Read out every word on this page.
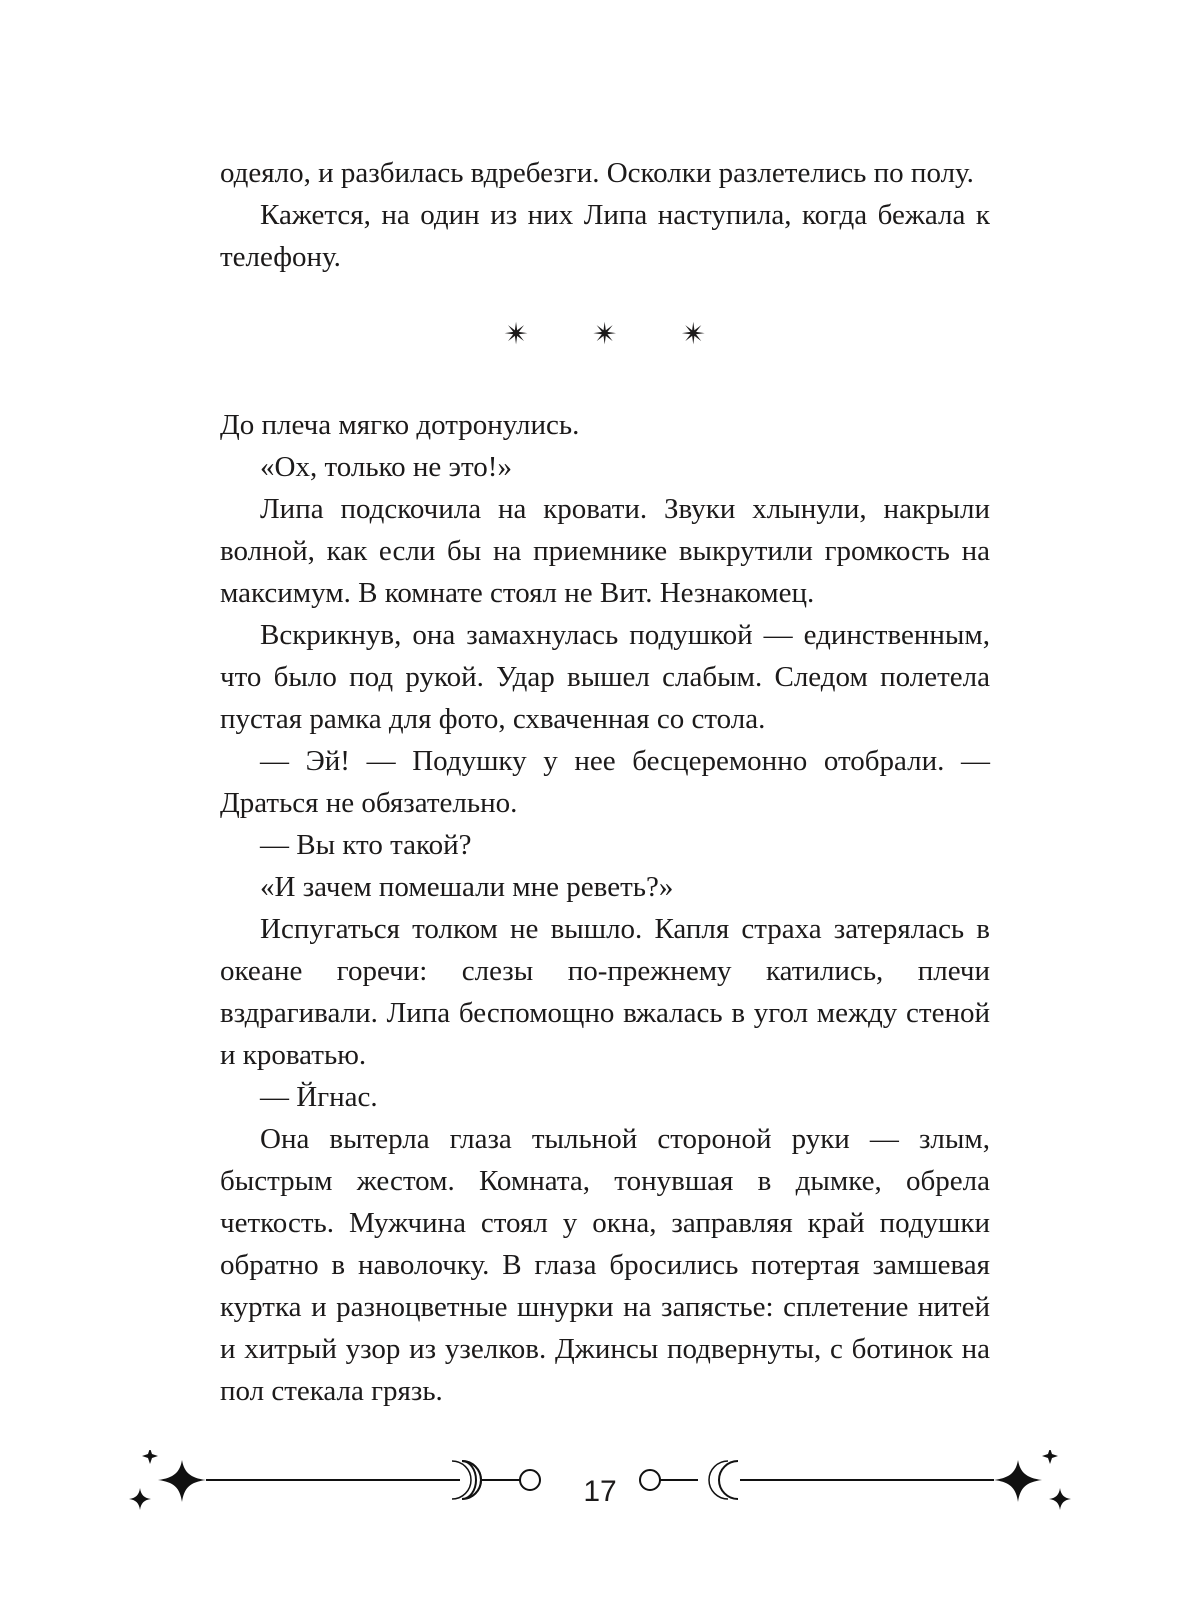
одеяло, и разбилась вдребезги. Осколки разлетелись по полу.

Кажется, на один из них Липа наступила, когда бежала к телефону.

✴ ✴ ✴

До плеча мягко дотронулись.

«Ох, только не это!»

Липа подскочила на кровати. Звуки хлынули, накрыли волной, как если бы на приемнике выкрутили громкость на максимум. В комнате стоял не Вит. Незнакомец.

Вскрикнув, она замахнулась подушкой — единственным, что было под рукой. Удар вышел слабым. Следом полетела пустая рамка для фото, схваченная со стола.

— Эй! — Подушку у нее бесцеремонно отобрали. — Драться не обязательно.

— Вы кто такой?

«И зачем помешали мне реветь?»

Испугаться толком не вышло. Капля страха затерялась в океане горечи: слезы по-прежнему катились, плечи вздрагивали. Липа беспомощно вжалась в угол между стеной и кроватью.

— Йгнас.

Она вытерла глаза тыльной стороной руки — злым, быстрым жестом. Комната, тонувшая в дымке, обрела четкость. Мужчина стоял у окна, заправляя край подушки обратно в наволочку. В глаза бросились потертая замшевая куртка и разноцветные шнурки на запястье: сплетение нитей и хитрый узор из узелков. Джинсы подвернуты, с ботинок на пол стекала грязь.

17
